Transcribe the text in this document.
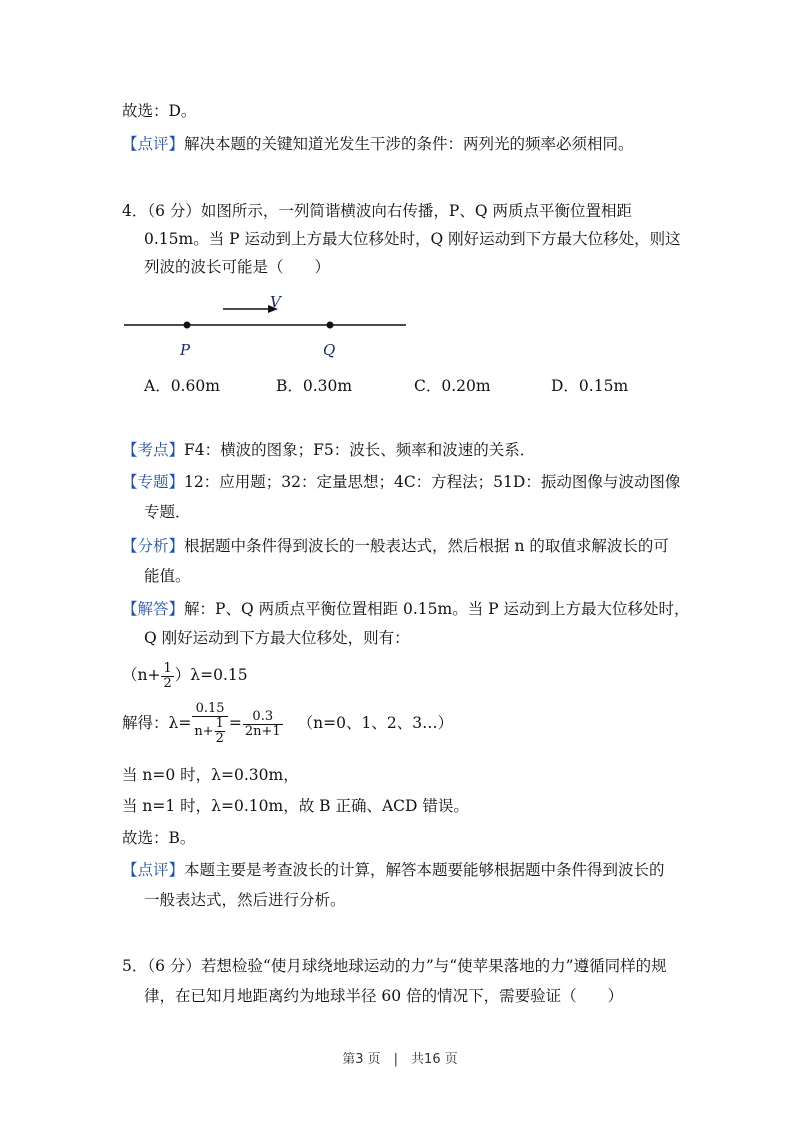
故选：D。
【点评】解决本题的关键知道光发生干涉的条件：两列光的频率必须相同。
4．（6 分）如图所示，一列简谐横波向右传播，P、Q 两质点平衡位置相距
0.15m。当 P 运动到上方最大位移处时，Q 刚好运动到下方最大位移处，则这
列波的波长可能是（　　）
V
P	Q
A．0.60m	B．0.30m	C．0.20m	D．0.15m
【考点】F4：横波的图象；F5：波长、频率和波速的关系．
【专题】12：应用题；32：定量思想；4C：方程法；51D：振动图像与波动图像
专题．
【分析】根据题中条件得到波长的一般表达式，然后根据 n 的取值求解波长的可
能值。
【解答】解：P、Q 两质点平衡位置相距 0.15m。当 P 运动到上方最大位移处时，
Q 刚好运动到下方最大位移处，则有：
$(n+ \frac{1}{2} )\lambda=0.15$
解得：$\lambda= \frac{0.15}{n+ \frac{1}{2}} = \frac{0.3}{2n+1} (n=0$、1、2、3…）
当 n=0 时，λ=0.30m，
当 n=1 时，λ=0.10m，故 B 正确、ACD 错误。
故选：B。
【点评】本题主要是考查波长的计算，解答本题要能够根据题中条件得到波长的
一般表达式，然后进行分析。
5．（6 分）若想检验“使月球绕地球运动的力”与“使苹果落地的力”遵循同样的规
律，在已知月地距离约为地球半径 60 倍的情况下，需要验证（　　）
第3 页　|　共16 页
